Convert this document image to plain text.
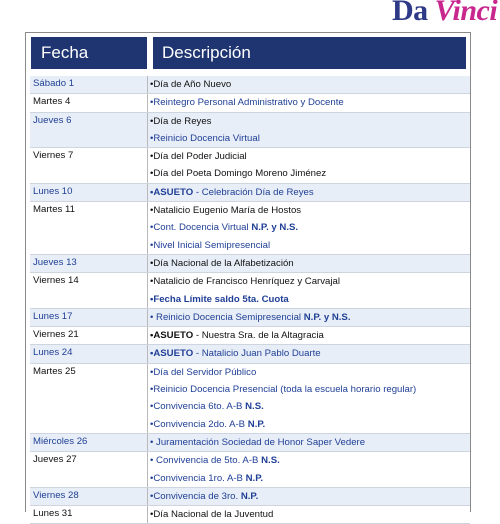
Da Vinci
Fecha	Descripción
Sábado 1	•Día de Año Nuevo
Martes 4	•Reintegro Personal Administrativo y Docente
Jueves 6	•Día de Reyes
•Reinicio Docencia Virtual
Viernes 7	•Día del Poder Judicial
•Día del Poeta Domingo Moreno Jiménez
Lunes 10	•ASUETO - Celebración Día de Reyes
Martes 11	•Natalicio Eugenio María de Hostos
•Cont. Docencia Virtual N.P. y N.S.
•Nivel Inicial Semipresencial
Jueves 13	•Día Nacional de la Alfabetización
Viernes 14	•Natalicio de Francisco Henríquez y Carvajal
•Fecha Límite saldo 5ta. Cuota
Lunes 17	• Reinicio Docencia Semipresencial N.P. y N.S.
Viernes 21	•ASUETO - Nuestra Sra. de la Altagracia
Lunes 24	•ASUETO - Natalicio Juan Pablo Duarte
Martes 25	•Día del Servidor Público
•Reinicio Docencia Presencial (toda la escuela horario regular)
•Convivencia 6to. A-B N.S.
•Convivencia 2do. A-B N.P.
Miércoles 26	• Juramentación Sociedad de Honor Saper Vedere
Jueves 27	• Convivencia de 5to. A-B N.S.
•Convivencia 1ro. A-B N.P.
Viernes 28	•Convivencia de 3ro. N.P.
Lunes 31	•Día Nacional de la Juventud
